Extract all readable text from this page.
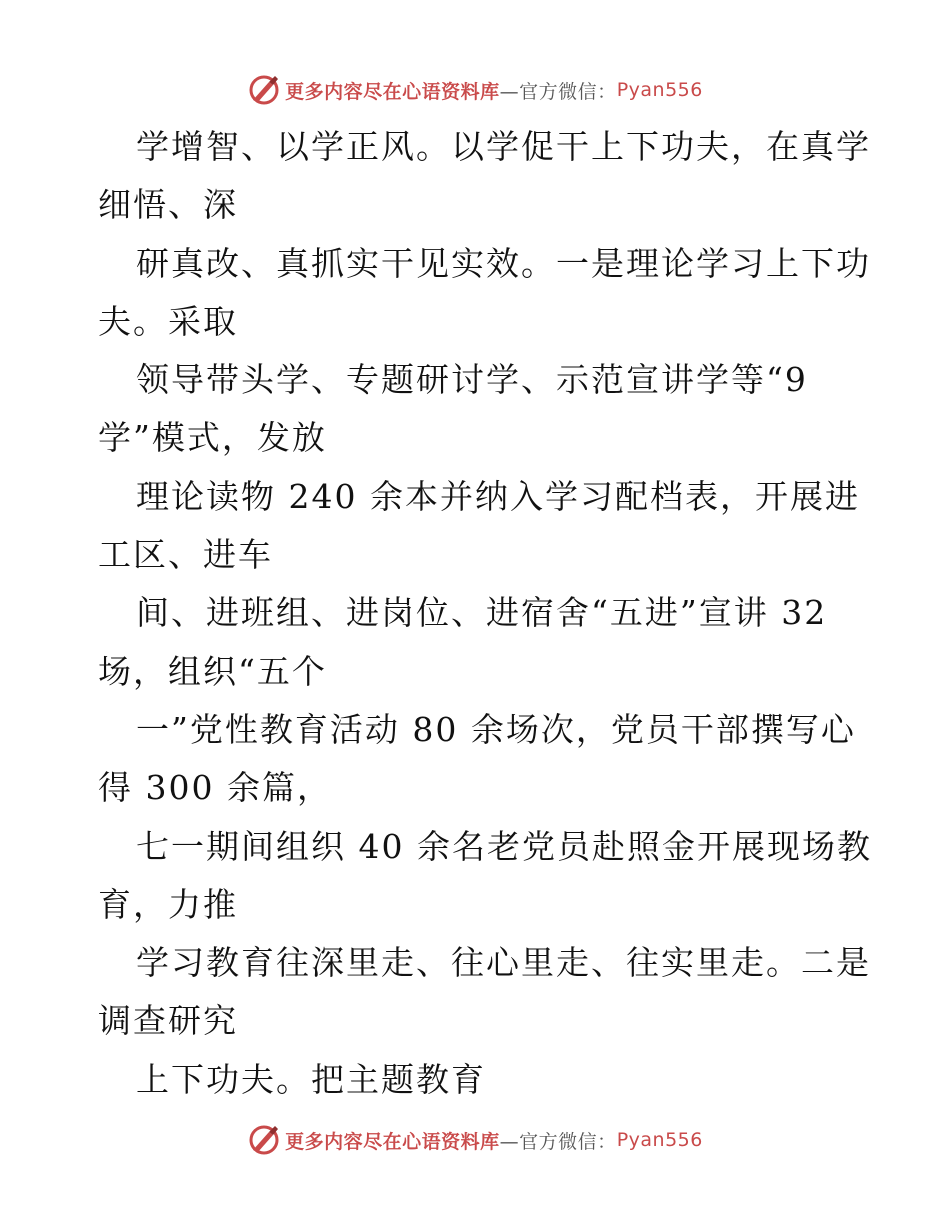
更多内容尽在心语资料库 —官方微信： Pyan556
学增智、以学正风。以学促干上下功夫，在真学
细悟、深
研真改、真抓实干见实效。一是理论学习上下功
夫。采取
领导带头学、专题研讨学、示范宣讲学等“9
学”模式，发放
理论读物 240 余本并纳入学习配档表，开展进
工区、进车
间、进班组、进岗位、进宿舍“五进”宣讲 32
场，组织“五个
一”党性教育活动 80 余场次，党员干部撰写心
得 300 余篇，
七一期间组织 40 余名老党员赴照金开展现场教
育，力推
学习教育往深里走、往心里走、往实里走。二是
调查研究
上下功夫。把主题教育
更多内容尽在心语资料库 —官方微信： Pyan556
